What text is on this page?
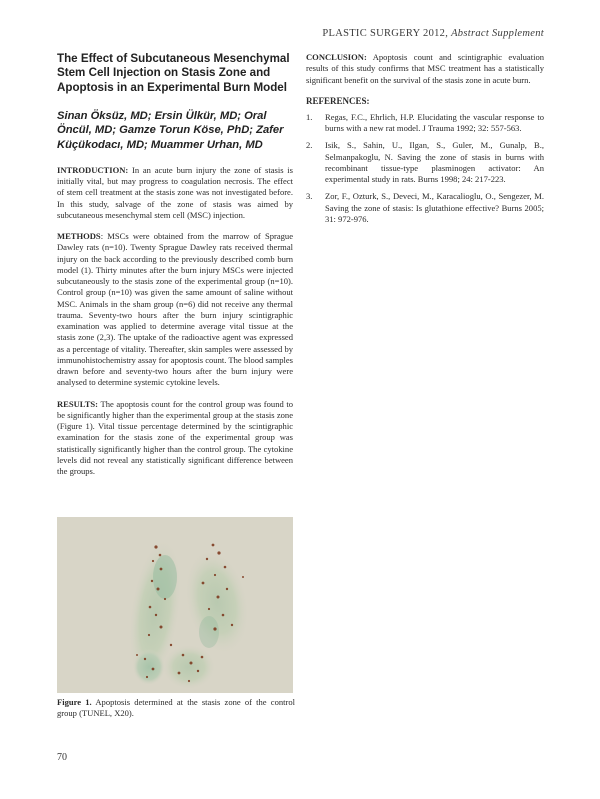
PLASTIC SURGERY 2012, Abstract Supplement
The Effect of Subcutaneous Mesenchymal Stem Cell Injection on Stasis Zone and Apoptosis in an Experimental Burn Model
Sinan Öksüz, MD; Ersin Ülkür, MD; Oral Öncül, MD; Gamze Torun Köse, PhD; Zafer Küçükodacı, MD; Muammer Urhan, MD

INTRODUCTION: In an acute burn injury the zone of stasis is initially vital, but may progress to coagulation necrosis. The effect of stem cell treatment at the stasis zone was not investigated before. In this study, salvage of the zone of stasis was aimed by subcutaneous mesenchymal stem cell (MSC) injection.

METHODS: MSCs were obtained from the marrow of Sprague Dawley rats (n=10). Twenty Sprague Dawley rats received thermal injury on the back according to the previously described comb burn model (1). Thirty minutes after the burn injury MSCs were injected subcutaneously to the stasis zone of the experimental group (n=10). Control group (n=10) was given the same amount of saline without MSC. Animals in the sham group (n=6) did not receive any thermal trauma. Seventy-two hours after the burn injury scintigraphic examination was applied to determine average vital tissue at the stasis zone (2,3). The uptake of the radioactive agent was expressed as a percentage of vitality. Thereafter, skin samples were assessed by immunohistochemistry assay for apoptosis count. The blood samples drawn before and seventy-two hours after the burn injury were analysed to determine systemic cytokine levels.

RESULTS: The apoptosis count for the control group was found to be significantly higher than the experimental group at the stasis zone (Figure 1). Vital tissue percentage determined by the scintigraphic examination for the stasis zone of the experimental group was statistically significantly higher than the control group. The cytokine levels did not reveal any statistically significant difference between the groups.

Figure 1. Apoptosis determined at the stasis zone of the control group (TUNEL, X20).

CONCLUSION: Apoptosis count and scintigraphic evaluation results of this study confirms that MSC treatment has a statistically significant benefit on the survival of the stasis zone in acute burn.

REFERENCES:
1. Regas, F.C., Ehrlich, H.P. Elucidating the vascular response to burns with a new rat model. J Trauma 1992; 32: 557-563.
2. Isik, S., Sahin, U., Ilgan, S., Guler, M., Gunalp, B., Selmanpakoglu, N. Saving the zone of stasis in burns with recombinant tissue-type plasminogen activator: An experimental study in rats. Burns 1998; 24: 217-223.
3. Zor, F., Ozturk, S., Deveci, M., Karacalioglu, O., Sengezer, M. Saving the zone of stasis: Is glutathione effective? Burns 2005; 31: 972-976.
70
